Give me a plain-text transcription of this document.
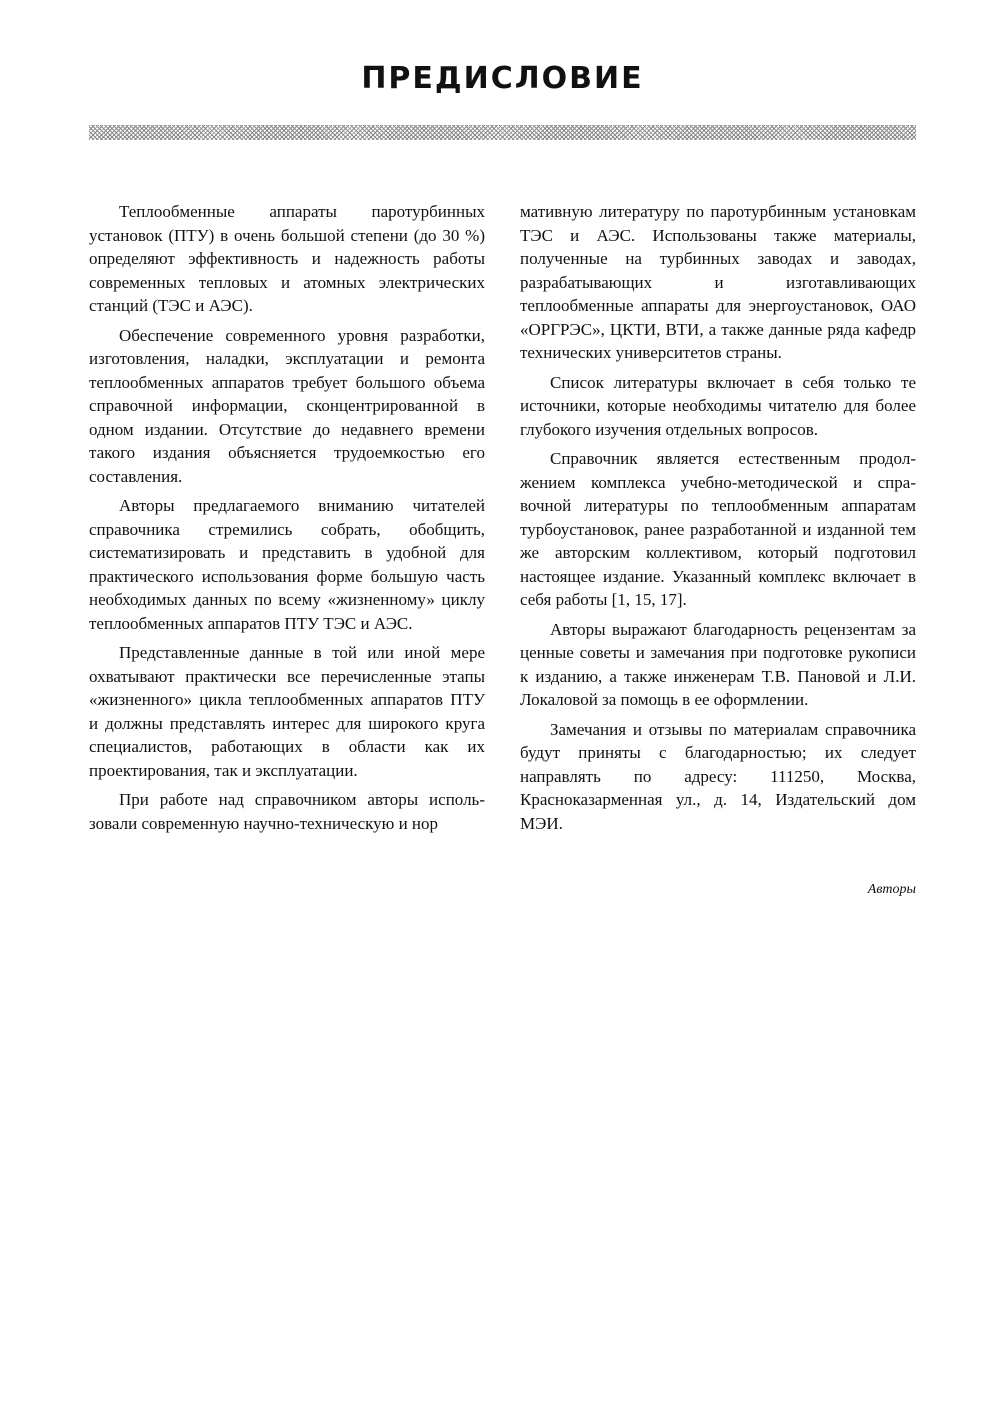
ПРЕДИСЛОВИЕ

Теплообменные аппараты паротурбинных установок (ПТУ) в очень большой степени (до 30 %) определяют эффективность и надежность работы современных тепловых и атомных электрических станций (ТЭС и АЭС).

Обеспечение современного уровня разработки, изготовления, наладки, эксплуатации и ремонта теплообменных аппаратов требует большого объема справочной информации, сконцентрированной в одном издании. Отсутствие до недавнего времени такого издания объясняется трудоемкостью его составления.

Авторы предлагаемого вниманию читателей справочника стремились собрать, обобщить, систематизировать и представить в удобной для практического использования форме большую часть необходимых данных по всему «жизненному» циклу теплообменных аппаратов ПТУ ТЭС и АЭС.

Представленные данные в той или иной мере охватывают практически все перечисленные этапы «жизненного» цикла теплообменных аппаратов ПТУ и должны представлять интерес для широкого круга специалистов, работающих в области как их проектирования, так и эксплуатации.

При работе над справочником авторы использовали современную научно-техническую и нор

мативную литературу по паротурбинным установкам ТЭС и АЭС. Использованы также материалы, полученные на турбинных заводах и заводах, разрабатывающих и изготавливающих теплообменные аппараты для энергоустановок, ОАО «ОРГРЭС», ЦКТИ, ВТИ, а также данные ряда кафедр технических университетов страны.

Список литературы включает в себя только те источники, которые необходимы читателю для более глубокого изучения отдельных вопросов.

Справочник является естественным продолжением комплекса учебно-методической и справочной литературы по теплообменным аппаратам турбоустановок, ранее разработанной и изданной тем же авторским коллективом, который подготовил настоящее издание. Указанный комплекс включает в себя работы [1, 15, 17].

Авторы выражают благодарность рецензентам за ценные советы и замечания при подготовке рукописи к изданию, а также инженерам Т.В. Пановой и Л.И. Локаловой за помощь в ее оформлении.

Замечания и отзывы по материалам справочника будут приняты с благодарностью; их следует направлять по адресу: 111250, Москва, Красноказарменная ул., д. 14, Издательский дом МЭИ.

Авторы
